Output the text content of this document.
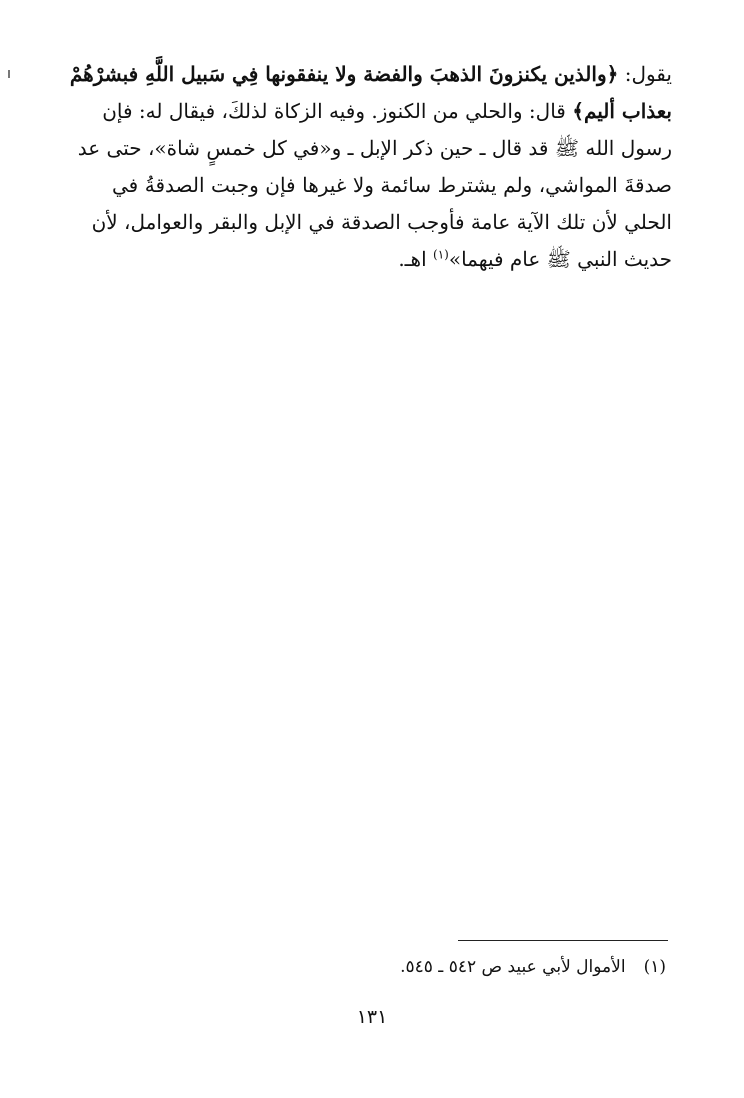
يقول: ﴿والذين يكنزونَ الذهبَ والفضة ولا ينفقونها فِي سَبيل اللَّهِ فبشرْهُمْ
بعذاب أليم﴾ قال: والحلي من الكنوز. وفيه الزكاة لذلكَ، فيقال له: فإن
رسول الله ﷺ قد قال ـ حين ذكر الإبل ـ و«في كل خمسٍ شاة»، حتى عد
صدقةَ المواشي، ولم يشترط سائمة ولا غيرها فإن وجبت الصدقةُ في
الحلي لأن تلك الآية عامة فأوجب الصدقة في الإبل والبقر والعوامل، لأن
حديث النبي ﷺ عام فيهما»$^{(١)}$ اهـ.
(١)الأموال لأبي عبيد ص ٥٤٢ ـ ٥٤٥.
١٣١
